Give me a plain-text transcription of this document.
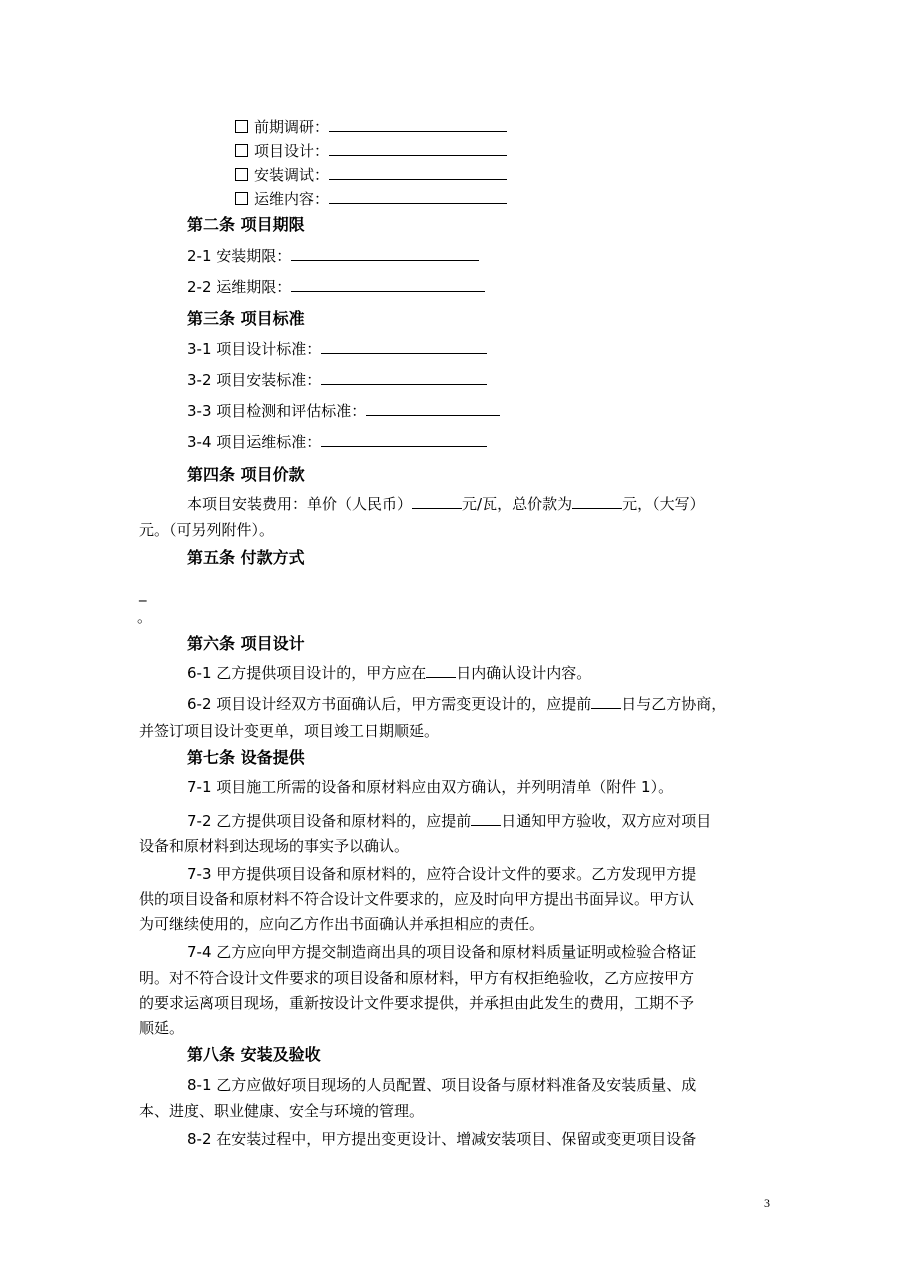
前期调研：
项目设计：
安装调试：
运维内容：
第二条 项目期限
2-1 安装期限：
2-2 运维期限：
第三条 项目标准
3-1 项目设计标准：
3-2 项目安装标准：
3-3 项目检测和评估标准：
3-4 项目运维标准：
第四条 项目价款
本项目安装费用：单价（人民币）	元/瓦，总价款为	元，（大写）
元。（可另列附件）。
第五条 付款方式
_
。
第六条 项目设计
6-1 乙方提供项目设计的，甲方应在 日内确认设计内容。
6-2 项目设计经双方书面确认后，甲方需变更设计的，应提前 日与乙方协商，
并签订项目设计变更单，项目竣工日期顺延。
第七条 设备提供
7-1 项目施工所需的设备和原材料应由双方确认，并列明清单（附件 1）。
7-2 乙方提供项目设备和原材料的，应提前 日通知甲方验收，双方应对项目
设备和原材料到达现场的事实予以确认。
7-3 甲方提供项目设备和原材料的，应符合设计文件的要求。乙方发现甲方提
供的项目设备和原材料不符合设计文件要求的，应及时向甲方提出书面异议。甲方认
为可继续使用的，应向乙方作出书面确认并承担相应的责任。
7-4 乙方应向甲方提交制造商出具的项目设备和原材料质量证明或检验合格证
明。对不符合设计文件要求的项目设备和原材料，甲方有权拒绝验收，乙方应按甲方
的要求运离项目现场，重新按设计文件要求提供，并承担由此发生的费用，工期不予
顺延。
第八条 安装及验收
8-1 乙方应做好项目现场的人员配置、项目设备与原材料准备及安装质量、成
本、进度、职业健康、安全与环境的管理。
8-2 在安装过程中，甲方提出变更设计、增减安装项目、保留或变更项目设备
3
